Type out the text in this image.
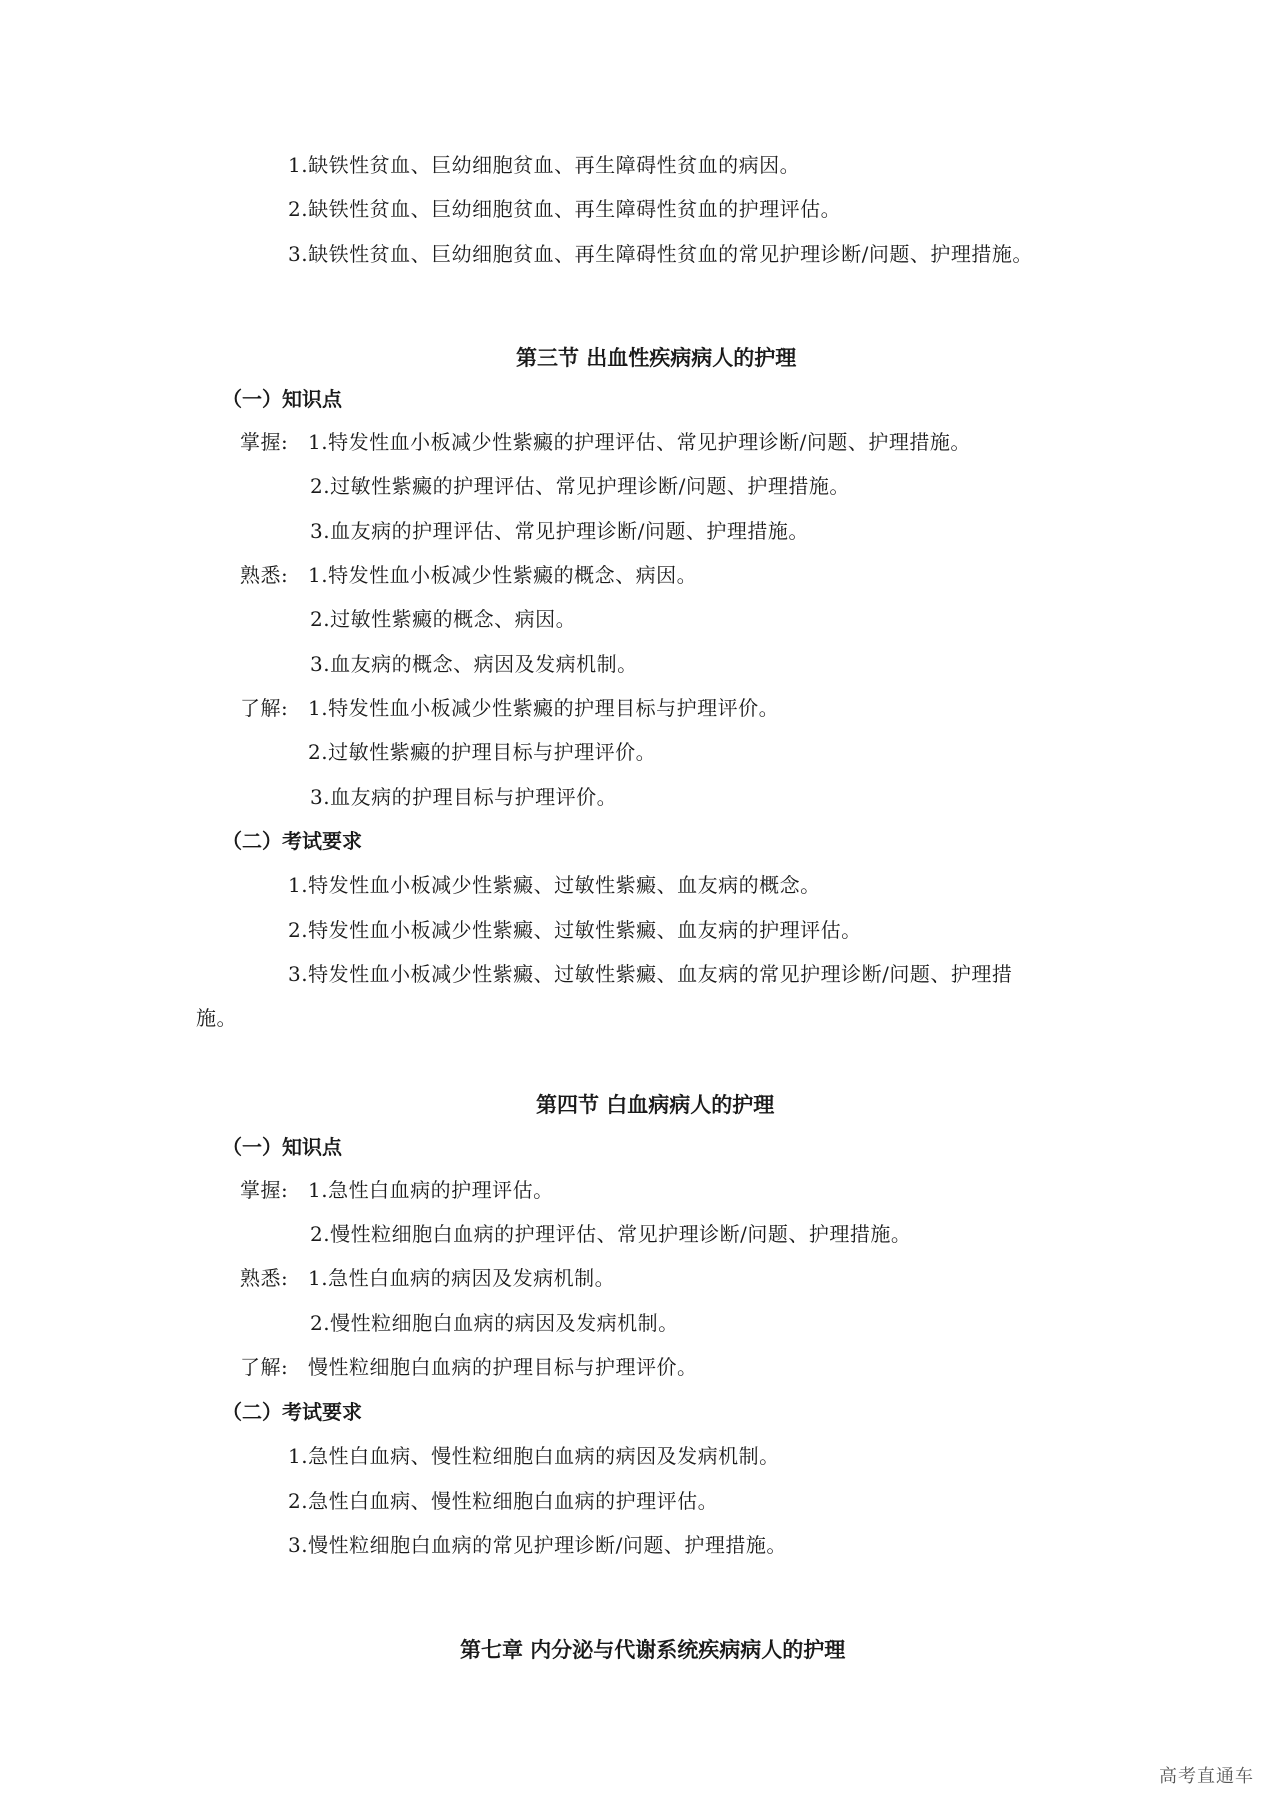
1.缺铁性贫血、巨幼细胞贫血、再生障碍性贫血的病因。
2.缺铁性贫血、巨幼细胞贫血、再生障碍性贫血的护理评估。
3.缺铁性贫血、巨幼细胞贫血、再生障碍性贫血的常见护理诊断/问题、护理措施。
第三节 出血性疾病病人的护理
（一）知识点
掌握: 1.特发性血小板减少性紫癜的护理评估、常见护理诊断/问题、护理措施。
2.过敏性紫癜的护理评估、常见护理诊断/问题、护理措施。
3.血友病的护理评估、常见护理诊断/问题、护理措施。
熟悉: 1.特发性血小板减少性紫癜的概念、病因。
2.过敏性紫癜的概念、病因。
3.血友病的概念、病因及发病机制。
了解: 1.特发性血小板减少性紫癜的护理目标与护理评价。
2.过敏性紫癜的护理目标与护理评价。
3.血友病的护理目标与护理评价。
（二）考试要求
1.特发性血小板减少性紫癜、过敏性紫癜、血友病的概念。
2.特发性血小板减少性紫癜、过敏性紫癜、血友病的护理评估。
3.特发性血小板减少性紫癜、过敏性紫癜、血友病的常见护理诊断/问题、护理措
施。
第四节 白血病病人的护理
（一）知识点
掌握: 1.急性白血病的护理评估。
2.慢性粒细胞白血病的护理评估、常见护理诊断/问题、护理措施。
熟悉: 1.急性白血病的病因及发病机制。
2.慢性粒细胞白血病的病因及发病机制。
了解: 慢性粒细胞白血病的护理目标与护理评价。
（二）考试要求
1.急性白血病、慢性粒细胞白血病的病因及发病机制。
2.急性白血病、慢性粒细胞白血病的护理评估。
3.慢性粒细胞白血病的常见护理诊断/问题、护理措施。
第七章 内分泌与代谢系统疾病病人的护理
高考直通车
